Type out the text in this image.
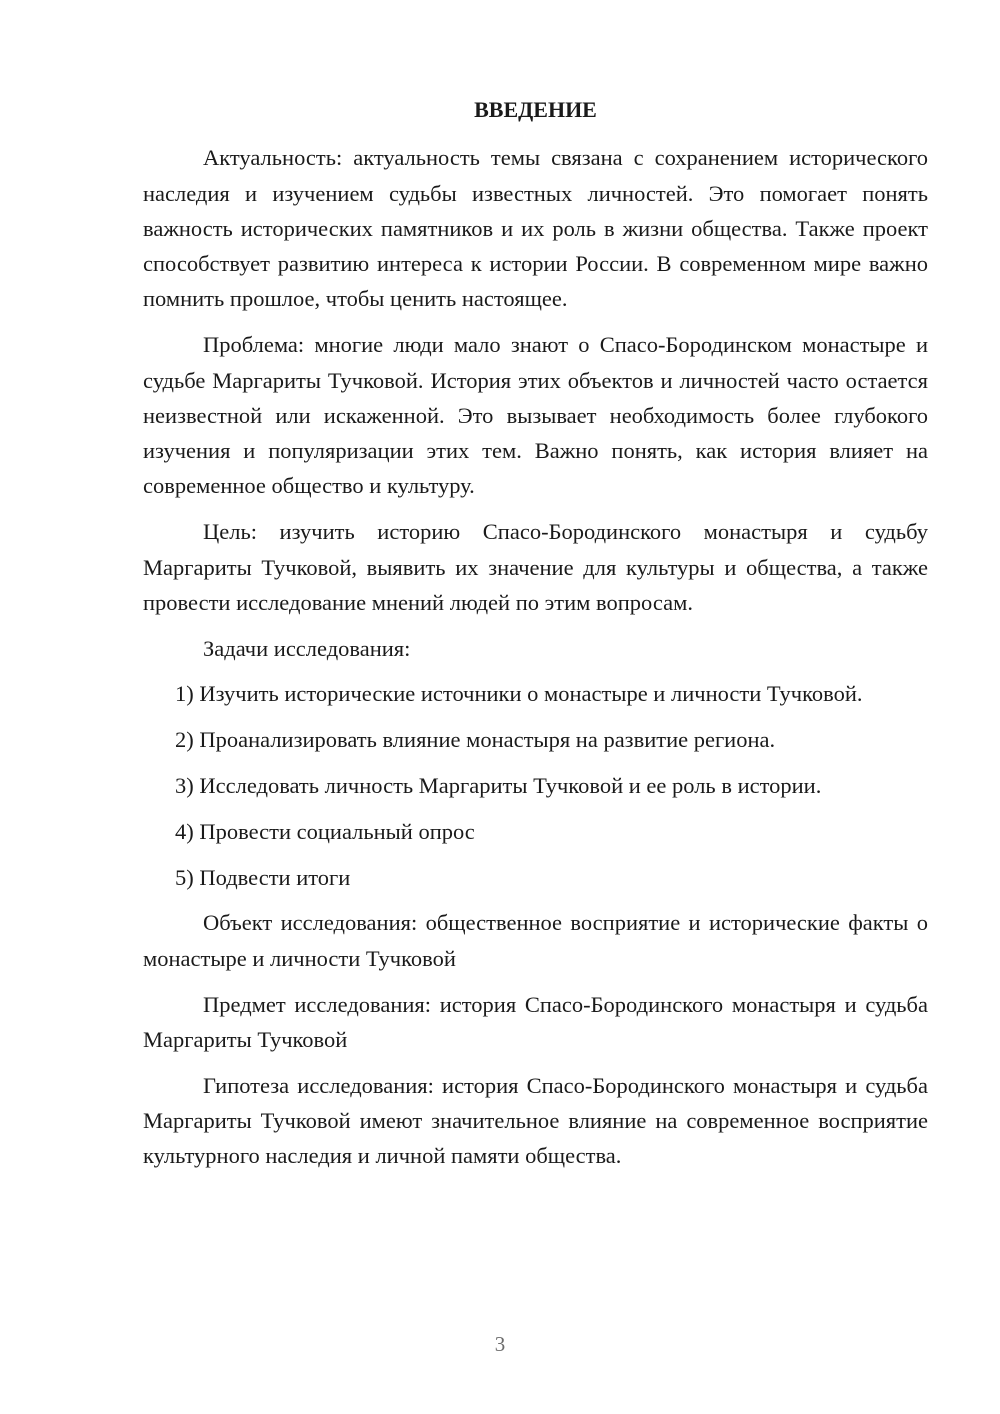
ВВЕДЕНИЕ

Актуальность: актуальность темы связана с сохранением исторического наследия и изучением судьбы известных личностей. Это помогает понять важность исторических памятников и их роль в жизни общества. Также проект способствует развитию интереса к истории России. В современном мире важно помнить прошлое, чтобы ценить настоящее.

Проблема: многие люди мало знают о Спасо-Бородинском монастыре и судьбе Маргариты Тучковой. История этих объектов и личностей часто остается неизвестной или искаженной. Это вызывает необходимость более глубокого изучения и популяризации этих тем. Важно понять, как история влияет на современное общество и культуру.

Цель: изучить историю Спасо-Бородинского монастыря и судьбу Маргариты Тучковой, выявить их значение для культуры и общества, а также провести исследование мнений людей по этим вопросам.

Задачи исследования:

1) Изучить исторические источники о монастыре и личности Тучковой.

2) Проанализировать влияние монастыря на развитие региона.

3) Исследовать личность Маргариты Тучковой и ее роль в истории.

4) Провести социальный опрос

5) Подвести итоги

Объект исследования: общественное восприятие и исторические факты о монастыре и личности Тучковой

Предмет исследования: история Спасо-Бородинского монастыря и судьба Маргариты Тучковой

Гипотеза исследования: история Спасо-Бородинского монастыря и судьба Маргариты Тучковой имеют значительное влияние на современное восприятие культурного наследия и личной памяти общества.

3
